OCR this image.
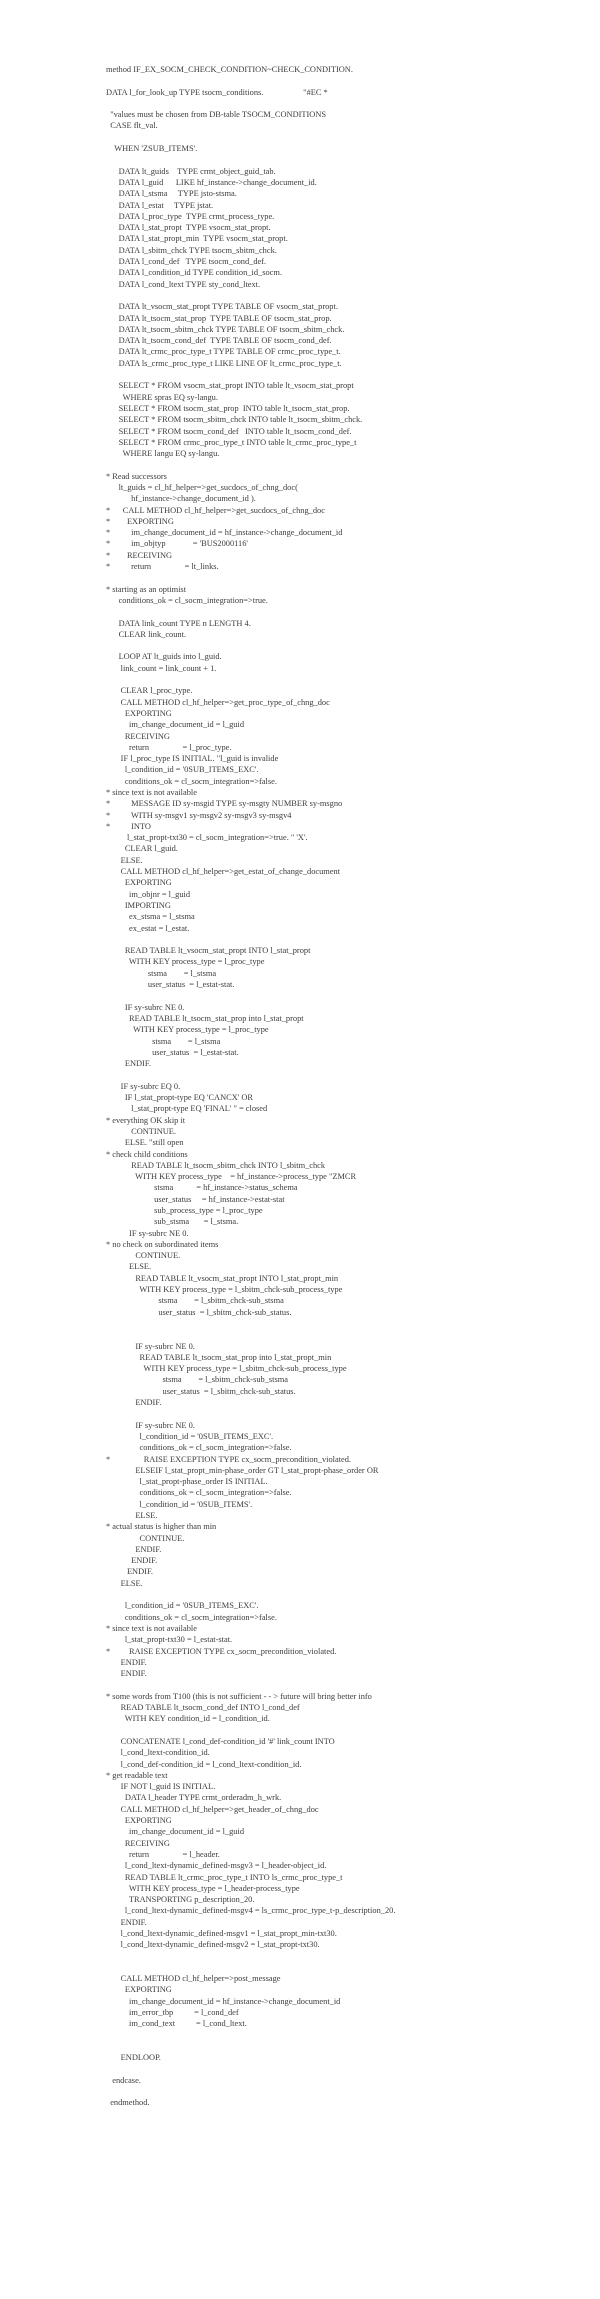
method IF_EX_SOCM_CHECK_CONDITION~CHECK_CONDITION.
DATA l_for_look_up TYPE tsocm_conditions.                   "#EC *
"values must be chosen from DB-table TSOCM_CONDITIONS
CASE flt_val.
WHEN 'ZSUB_ITEMS'.
DATA lt_guids    TYPE crmt_object_guid_tab.
DATA l_guid      LIKE hf_instance->change_document_id.
DATA l_stsma     TYPE jsto-stsma.
DATA l_estat     TYPE jstat.
DATA l_proc_type  TYPE crmt_process_type.
DATA l_stat_propt  TYPE vsocm_stat_propt.
DATA l_stat_propt_min  TYPE vsocm_stat_propt.
DATA l_sbitm_chck TYPE tsocm_sbitm_chck.
DATA l_cond_def   TYPE tsocm_cond_def.
DATA l_condition_id TYPE condition_id_socm.
DATA l_cond_ltext TYPE sty_cond_ltext.
DATA lt_vsocm_stat_propt TYPE TABLE OF vsocm_stat_propt.
DATA lt_tsocm_stat_prop  TYPE TABLE OF tsocm_stat_prop.
DATA lt_tsocm_sbitm_chck TYPE TABLE OF tsocm_sbitm_chck.
DATA lt_tsocm_cond_def  TYPE TABLE OF tsocm_cond_def.
DATA lt_crmc_proc_type_t TYPE TABLE OF crmc_proc_type_t.
DATA ls_crmc_proc_type_t LIKE LINE OF lt_crmc_proc_type_t.
SELECT * FROM vsocm_stat_propt INTO table lt_vsocm_stat_propt
WHERE spras EQ sy-langu.
SELECT * FROM tsocm_stat_prop  INTO table lt_tsocm_stat_prop.
SELECT * FROM tsocm_sbitm_chck INTO table lt_tsocm_sbitm_chck.
SELECT * FROM tsocm_cond_def   INTO table lt_tsocm_cond_def.
SELECT * FROM crmc_proc_type_t INTO table lt_crmc_proc_type_t
WHERE langu EQ sy-langu.
* Read successors
lt_guids = cl_hf_helper=>get_sucdocs_of_chng_doc(
hf_instance->change_document_id ).
*      CALL METHOD cl_hf_helper=>get_sucdocs_of_chng_doc
*        EXPORTING
*          im_change_document_id = hf_instance->change_document_id
*          im_objtyp             = 'BUS2000116'
*        RECEIVING
*          return                = lt_links.
* starting as an optimist
conditions_ok = cl_socm_integration=>true.
DATA link_count TYPE n LENGTH 4.
CLEAR link_count.
LOOP AT lt_guids into l_guid.
link_count = link_count + 1.
CLEAR l_proc_type.
CALL METHOD cl_hf_helper=>get_proc_type_of_chng_doc
EXPORTING
im_change_document_id = l_guid
RECEIVING
return                = l_proc_type.
IF l_proc_type IS INITIAL. "l_guid is invalide
l_condition_id = '0SUB_ITEMS_EXC'.
conditions_ok = cl_socm_integration=>false.
* since text is not available
*          MESSAGE ID sy-msgid TYPE sy-msgty NUMBER sy-msgno
*          WITH sy-msgv1 sy-msgv2 sy-msgv3 sy-msgv4
*          INTO
l_stat_propt-txt30 = cl_socm_integration=>true. " 'X'.
CLEAR l_guid.
ELSE.
CALL METHOD cl_hf_helper=>get_estat_of_change_document
EXPORTING
im_objnr = l_guid
IMPORTING
ex_stsma = l_stsma
ex_estat = l_estat.
READ TABLE lt_vsocm_stat_propt INTO l_stat_propt
WITH KEY process_type = l_proc_type
stsma        = l_stsma
user_status  = l_estat-stat.
IF sy-subrc NE 0.
READ TABLE lt_tsocm_stat_prop into l_stat_propt
WITH KEY process_type = l_proc_type
stsma        = l_stsma
user_status  = l_estat-stat.
ENDIF.
IF sy-subrc EQ 0.
IF l_stat_propt-type EQ 'CANCX' OR
l_stat_propt-type EQ 'FINAL' " = closed
* everything OK skip it
CONTINUE.
ELSE. "still open
* check child conditions
READ TABLE lt_tsocm_sbitm_chck INTO l_sbitm_chck
WITH KEY process_type    = hf_instance->process_type "ZMCR
stsma           = hf_instance->status_schema
user_status     = hf_instance->estat-stat
sub_process_type = l_proc_type
sub_stsma       = l_stsma.
IF sy-subrc NE 0.
* no check on subordinated items
CONTINUE.
ELSE.
READ TABLE lt_vsocm_stat_propt INTO l_stat_propt_min
WITH KEY process_type = l_sbitm_chck-sub_process_type
stsma        = l_sbitm_chck-sub_stsma
user_status  = l_sbitm_chck-sub_status.
IF sy-subrc NE 0.
READ TABLE lt_tsocm_stat_prop into l_stat_propt_min
WITH KEY process_type = l_sbitm_chck-sub_process_type
stsma        = l_sbitm_chck-sub_stsma
user_status  = l_sbitm_chck-sub_status.
ENDIF.
IF sy-subrc NE 0.
l_condition_id = '0SUB_ITEMS_EXC'.
conditions_ok = cl_socm_integration=>false.
*                RAISE EXCEPTION TYPE cx_socm_precondition_violated.
ELSEIF l_stat_propt_min-phase_order GT l_stat_propt-phase_order OR
l_stat_propt-phase_order IS INITIAL.
conditions_ok = cl_socm_integration=>false.
l_condition_id = '0SUB_ITEMS'.
ELSE.
* actual status is higher than min
CONTINUE.
ENDIF.
ENDIF.
ENDIF.
ELSE.
l_condition_id = '0SUB_ITEMS_EXC'.
conditions_ok = cl_socm_integration=>false.
* since text is not available
l_stat_propt-txt30 = l_estat-stat.
*         RAISE EXCEPTION TYPE cx_socm_precondition_violated.
ENDIF.
ENDIF.
* some words from T100 (this is not sufficient - - > future will bring better info
READ TABLE lt_tsocm_cond_def INTO l_cond_def
WITH KEY condition_id = l_condition_id.
CONCATENATE l_cond_def-condition_id '#' link_count INTO
l_cond_ltext-condition_id.
l_cond_def-condition_id = l_cond_ltext-condition_id.
* get readable text
IF NOT l_guid IS INITIAL.
DATA l_header TYPE crmt_orderadm_h_wrk.
CALL METHOD cl_hf_helper=>get_header_of_chng_doc
EXPORTING
im_change_document_id = l_guid
RECEIVING
return                = l_header.
l_cond_ltext-dynamic_defined-msgv3 = l_header-object_id.
READ TABLE lt_crmc_proc_type_t INTO ls_crmc_proc_type_t
WITH KEY process_type = l_header-process_type
TRANSPORTING p_description_20.
l_cond_ltext-dynamic_defined-msgv4 = ls_crmc_proc_type_t-p_description_20.
ENDIF.
l_cond_ltext-dynamic_defined-msgv1 = l_stat_propt_min-txt30.
l_cond_ltext-dynamic_defined-msgv2 = l_stat_propt-txt30.
CALL METHOD cl_hf_helper=>post_message
EXPORTING
im_change_document_id = hf_instance->change_document_id
im_error_tbp          = l_cond_def
im_cond_text          = l_cond_ltext.
ENDLOOP.
endcase.
endmethod.
